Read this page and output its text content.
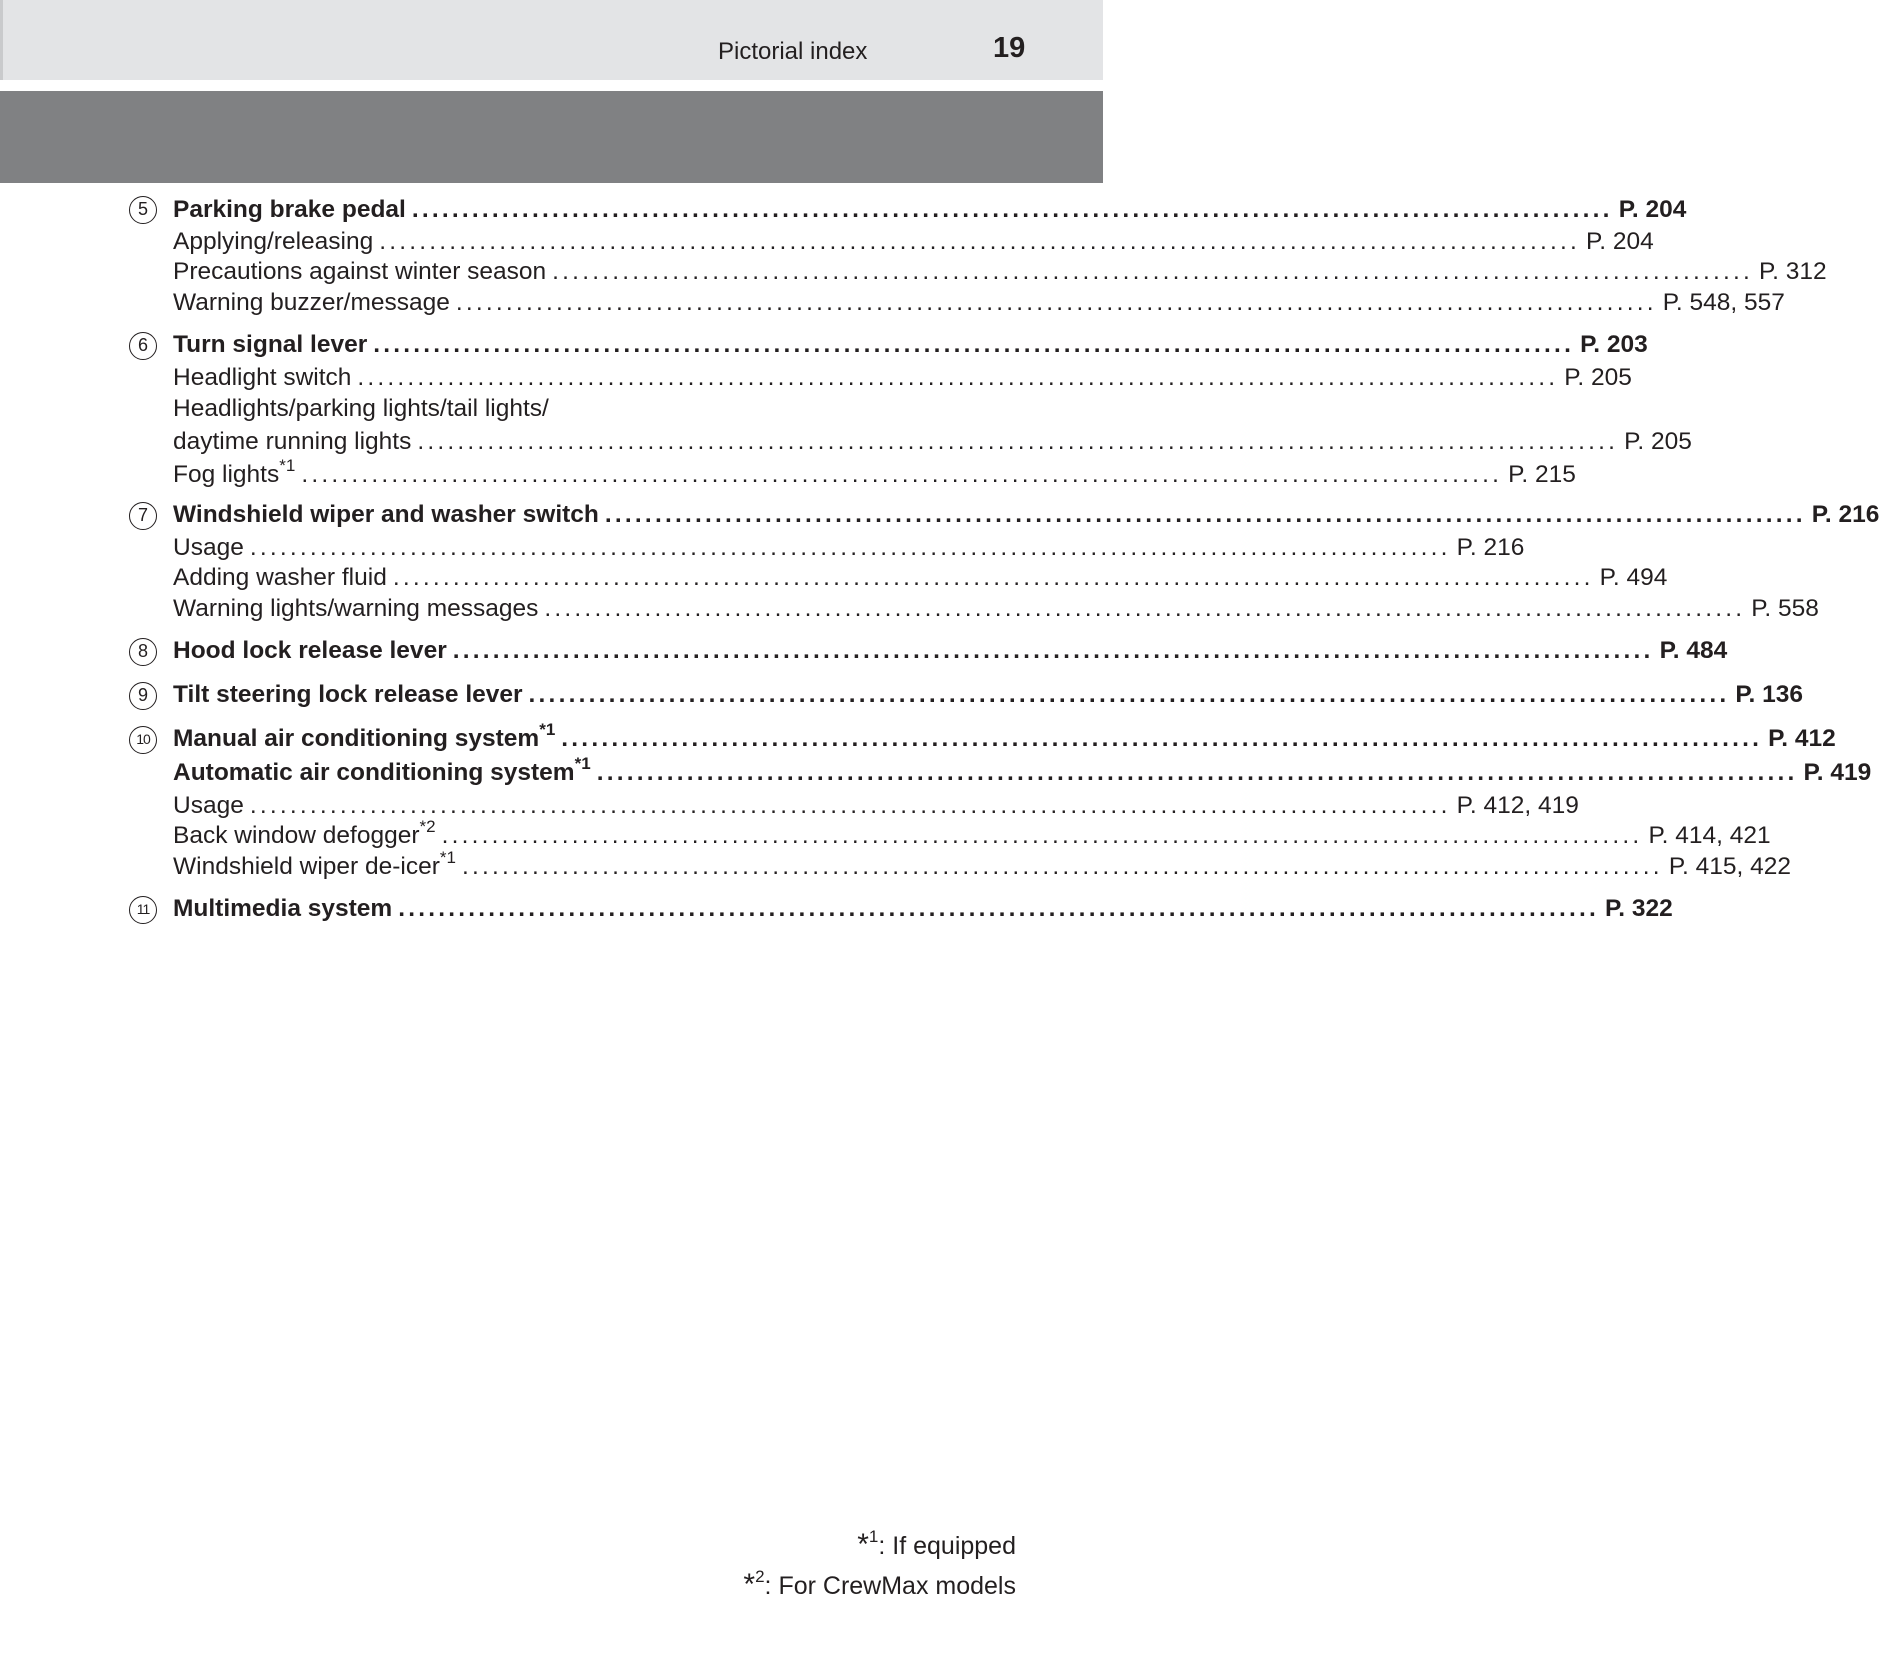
Pictorial index	19
5	Parking brake pedal ........................................................................................................................ P. 204
Applying/releasing ........................................................................................................................ P. 204
Precautions against winter season ........................................................................................................................ P. 312
Warning buzzer/message ........................................................................................................................ P. 548, 557
6	Turn signal lever ........................................................................................................................ P. 203
Headlight switch ........................................................................................................................ P. 205
Headlights/parking lights/tail lights/
daytime running lights ........................................................................................................................ P. 205
Fog lights$^{*1}$ ........................................................................................................................ P. 215
7	Windshield wiper and washer switch ........................................................................................................................ P. 216
Usage ........................................................................................................................ P. 216
Adding washer fluid ........................................................................................................................ P. 494
Warning lights/warning messages ........................................................................................................................ P. 558
8	Hood lock release lever ........................................................................................................................ P. 484
9	Tilt steering lock release lever ........................................................................................................................ P. 136
10 Manual air conditioning system$^{*1}$ ........................................................................................................................ P. 412
Automatic air conditioning system$^{*1}$ ........................................................................................................................ P. 419
Usage ........................................................................................................................ P. 412, 419
Back window defogger$^{*2}$ ........................................................................................................................ P. 414, 421
Windshield wiper de-icer$^{*1}$ ........................................................................................................................ P. 415, 422
11 Multimedia system ........................................................................................................................ P. 322
*$^1$: If equipped
*$^2$: For CrewMax models
